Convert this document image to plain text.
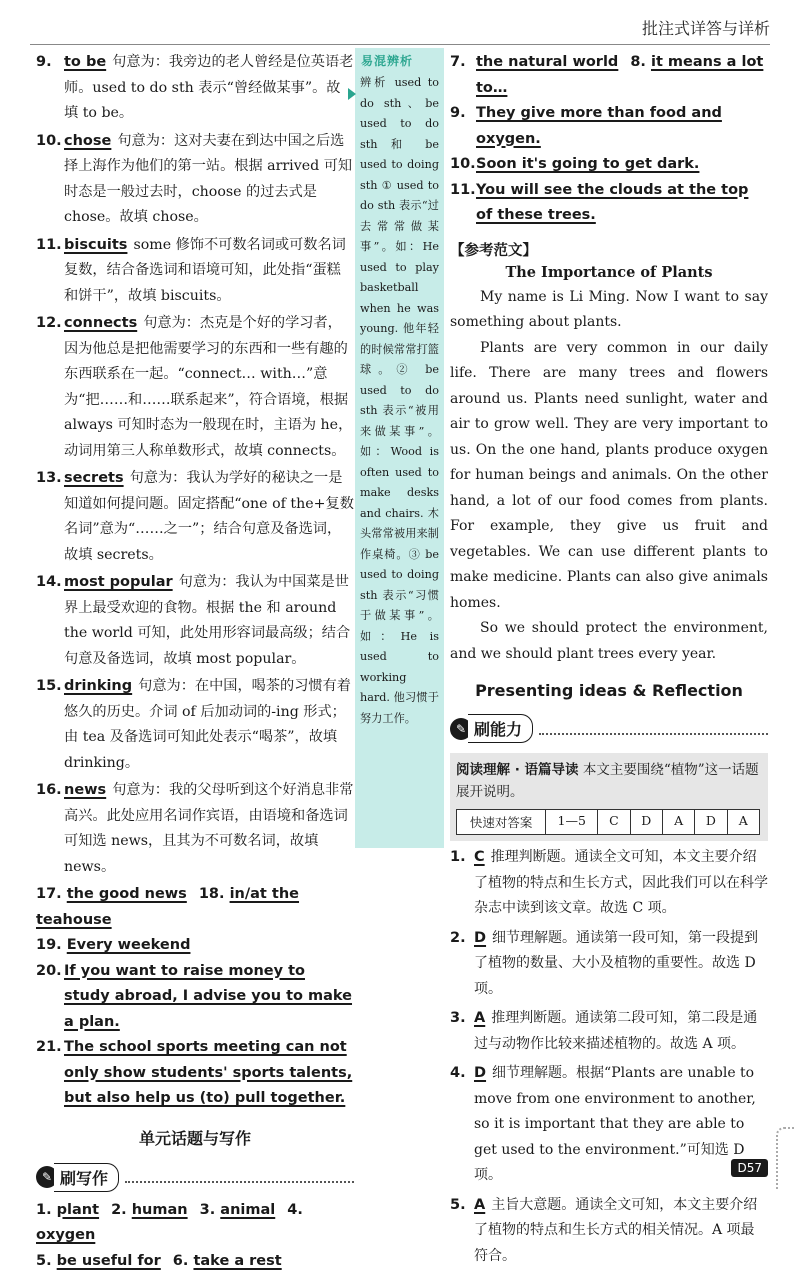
批注式详答与详析
9. to be 句意为：我旁边的老人曾经是位英语老师。used to do sth 表示“曾经做某事”。故填 to be。
10. chose 句意为：这对夫妻在到达中国之后选择上海作为他们的第一站。根据 arrived 可知时态是一般过去时，choose 的过去式是 chose。故填 chose。
11. biscuits some 修饰不可数名词或可数名词复数，结合备选词和语境可知，此处指“蛋糕和饼干”，故填 biscuits。
12. connects 句意为：杰克是个好的学习者，因为他总是把他需要学习的东西和一些有趣的东西联系在一起。“connect… with…”意为“把……和……联系起来”，符合语境，根据 always 可知时态为一般现在时，主语为 he，动词用第三人称单数形式，故填 connects。
13. secrets 句意为：我认为学好的秘诀之一是知道如何提问题。固定搭配“one of the+复数名词”意为“……之一”；结合句意及备选词，故填 secrets。
14. most popular 句意为：我认为中国菜是世界上最受欢迎的食物。根据 the 和 around the world 可知，此处用形容词最高级；结合句意及备选词，故填 most popular。
15. drinking 句意为：在中国，喝茶的习惯有着悠久的历史。介词 of 后加动词的-ing 形式；由 tea 及备选词可知此处表示“喝茶”，故填 drinking。
16. news 句意为：我的父母听到这个好消息非常高兴。此处应用名词作宾语，由语境和备选词可知选 news，且其为不可数名词，故填 news。
17. the good news 18. in/at the teahouse
19. Every weekend
20. If you want to raise money to study abroad, I advise you to make a plan.
21. The school sports meeting can not only show students' sports talents, but also help us (to) pull together.
单元话题与写作
✎ 刷写作
1. plant 2. human 3. animal 4. oxygen
5. be useful for 6. take a rest
易混辨析
辨析 used to do sth、be used to do sth 和 be used to doing sth ① used to do sth 表示“过去常常做某事”。如：He used to play basketball when he was young. 他年轻的时候常常打篮球。② be used to do sth 表示“被用来做某事”。如：Wood is often used to make desks and chairs. 木头常常被用来制作桌椅。③ be used to doing sth 表示“习惯于做某事”。如：He is used to working hard. 他习惯于努力工作。
7. the natural world 8. it means a lot to…
9. They give more than food and oxygen.
10. Soon it's going to get dark.
11. You will see the clouds at the top of these trees.
【参考范文】
The Importance of Plants

My name is Li Ming. Now I want to say something about plants.

Plants are very common in our daily life. There are many trees and flowers around us. Plants need sunlight, water and air to grow well. They are very important to us. On the one hand, plants produce oxygen for human beings and animals. On the other hand, a lot of our food comes from plants. For example, they give us fruit and vegetables. We can use different plants to make medicine. Plants can also give animals homes.

So we should protect the environment, and we should plant trees every year.

Presenting ideas & Reflection
✎ 刷能力
阅读理解 · 语篇导读 本文主要围绕“植物”这一话题展开说明。
快速对答案	1—5	C	D	A	D	A
1. C 推理判断题。通读全文可知，本文主要介绍了植物的特点和生长方式，因此我们可以在科学杂志中读到该文章。故选 C 项。
2. D 细节理解题。通读第一段可知，第一段提到了植物的数量、大小及植物的重要性。故选 D 项。
3. A 推理判断题。通读第二段可知，第二段是通过与动物作比较来描述植物的。故选 A 项。
4. D 细节理解题。根据“Plants are unable to move from one environment to another, so it is important that they are able to get used to the environment.”可知选 D 项。
5. A 主旨大意题。通读全文可知，本文主要介绍了植物的特点和生长方式的相关情况。A 项最符合。
D57
